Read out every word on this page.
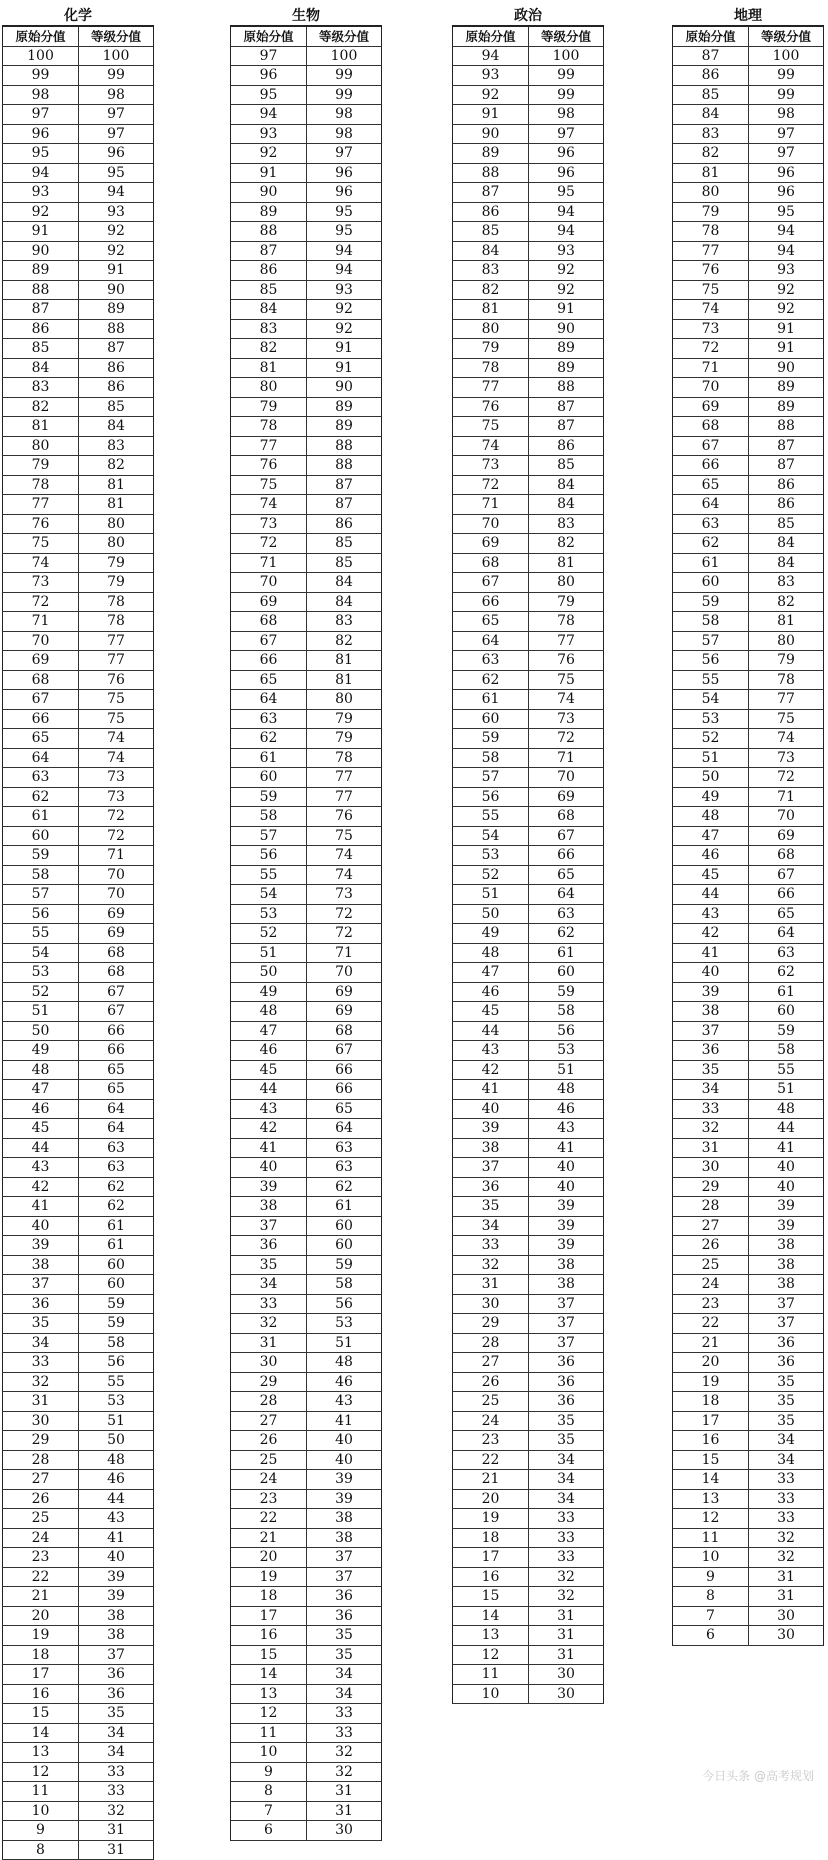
化学
原始分值	等级分值
100	100
99	99
98	98
97	97
96	97
95	96
94	95
93	94
92	93
91	92
90	92
89	91
88	90
87	89
86	88
85	87
84	86
83	86
82	85
81	84
80	83
79	82
78	81
77	81
76	80
75	80
74	79
73	79
72	78
71	78
70	77
69	77
68	76
67	75
66	75
65	74
64	74
63	73
62	73
61	72
60	72
59	71
58	70
57	70
56	69
55	69
54	68
53	68
52	67
51	67
50	66
49	66
48	65
47	65
46	64
45	64
44	63
43	63
42	62
41	62
40	61
39	61
38	60
37	60
36	59
35	59
34	58
33	56
32	55
31	53
30	51
29	50
28	48
27	46
26	44
25	43
24	41
23	40
22	39
21	39
20	38
19	38
18	37
17	36
16	36
15	35
14	34
13	34
12	33
11	33
10	32
9	31
8	31
生物
原始分值	等级分值
97	100
96	99
95	99
94	98
93	98
92	97
91	96
90	96
89	95
88	95
87	94
86	94
85	93
84	92
83	92
82	91
81	91
80	90
79	89
78	89
77	88
76	88
75	87
74	87
73	86
72	85
71	85
70	84
69	84
68	83
67	82
66	81
65	81
64	80
63	79
62	79
61	78
60	77
59	77
58	76
57	75
56	74
55	74
54	73
53	72
52	72
51	71
50	70
49	69
48	69
47	68
46	67
45	66
44	66
43	65
42	64
41	63
40	63
39	62
38	61
37	60
36	60
35	59
34	58
33	56
32	53
31	51
30	48
29	46
28	43
27	41
26	40
25	40
24	39
23	39
22	38
21	38
20	37
19	37
18	36
17	36
16	35
15	35
14	34
13	34
12	33
11	33
10	32
9	32
8	31
7	31
6	30
政治
原始分值	等级分值
94	100
93	99
92	99
91	98
90	97
89	96
88	96
87	95
86	94
85	94
84	93
83	92
82	92
81	91
80	90
79	89
78	89
77	88
76	87
75	87
74	86
73	85
72	84
71	84
70	83
69	82
68	81
67	80
66	79
65	78
64	77
63	76
62	75
61	74
60	73
59	72
58	71
57	70
56	69
55	68
54	67
53	66
52	65
51	64
50	63
49	62
48	61
47	60
46	59
45	58
44	56
43	53
42	51
41	48
40	46
39	43
38	41
37	40
36	40
35	39
34	39
33	39
32	38
31	38
30	37
29	37
28	37
27	36
26	36
25	36
24	35
23	35
22	34
21	34
20	34
19	33
18	33
17	33
16	32
15	32
14	31
13	31
12	31
11	30
10	30
地理
原始分值	等级分值
87	100
86	99
85	99
84	98
83	97
82	97
81	96
80	96
79	95
78	94
77	94
76	93
75	92
74	92
73	91
72	91
71	90
70	89
69	89
68	88
67	87
66	87
65	86
64	86
63	85
62	84
61	84
60	83
59	82
58	81
57	80
56	79
55	78
54	77
53	75
52	74
51	73
50	72
49	71
48	70
47	69
46	68
45	67
44	66
43	65
42	64
41	63
40	62
39	61
38	60
37	59
36	58
35	55
34	51
33	48
32	44
31	41
30	40
29	40
28	39
27	39
26	38
25	38
24	38
23	37
22	37
21	36
20	36
19	35
18	35
17	35
16	34
15	34
14	33
13	33
12	33
11	32
10	32
9	31
8	31
7	30
6	30
今日头条 @高考规划
